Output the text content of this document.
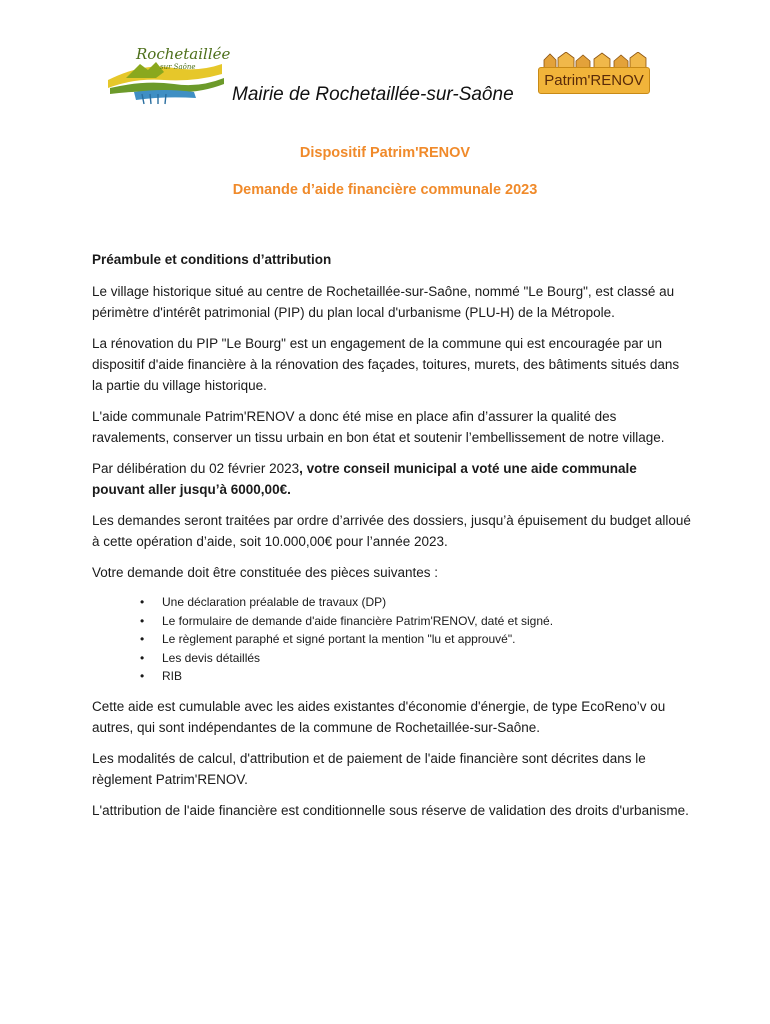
Rochetaillée
sur Saône
Patrim'RENOV
Mairie de Rochetaillée-sur-Saône
Dispositif Patrim'RENOV
Demande d’aide financière communale 2023
Préambule et conditions d’attribution

Le village historique situé au centre de Rochetaillée-sur-Saône, nommé "Le Bourg", est classé au périmètre d'intérêt patrimonial (PIP) du plan local d'urbanisme (PLU-H) de la Métropole.

La rénovation du PIP "Le Bourg" est un engagement de la commune qui est encouragée par un dispositif d'aide financière à la rénovation des façades, toitures, murets, des bâtiments situés dans la partie du village historique.

L'aide communale Patrim'RENOV a donc été mise en place afin d’assurer la qualité des ravalements, conserver un tissu urbain en bon état et soutenir l’embellissement de notre village.

Par délibération du 02 février 2023, votre conseil municipal a voté une aide communale pouvant aller jusqu’à 6000,00€.

Les demandes seront traitées par ordre d’arrivée des dossiers, jusqu’à épuisement du budget alloué à cette opération d’aide, soit 10.000,00€ pour l’année 2023.

Votre demande doit être constituée des pièces suivantes :

• Une déclaration préalable de travaux (DP)
• Le formulaire de demande d'aide financière Patrim'RENOV, daté et signé.
• Le règlement paraphé et signé portant la mention "lu et approuvé".
• Les devis détaillés
• RIB

Cette aide est cumulable avec les aides existantes d'économie d'énergie, de type EcoReno’v ou autres, qui sont indépendantes de la commune de Rochetaillée-sur-Saône.

Les modalités de calcul, d'attribution et de paiement de l'aide financière sont décrites dans le règlement Patrim'RENOV.

L'attribution de l'aide financière est conditionnelle sous réserve de validation des droits d'urbanisme.
